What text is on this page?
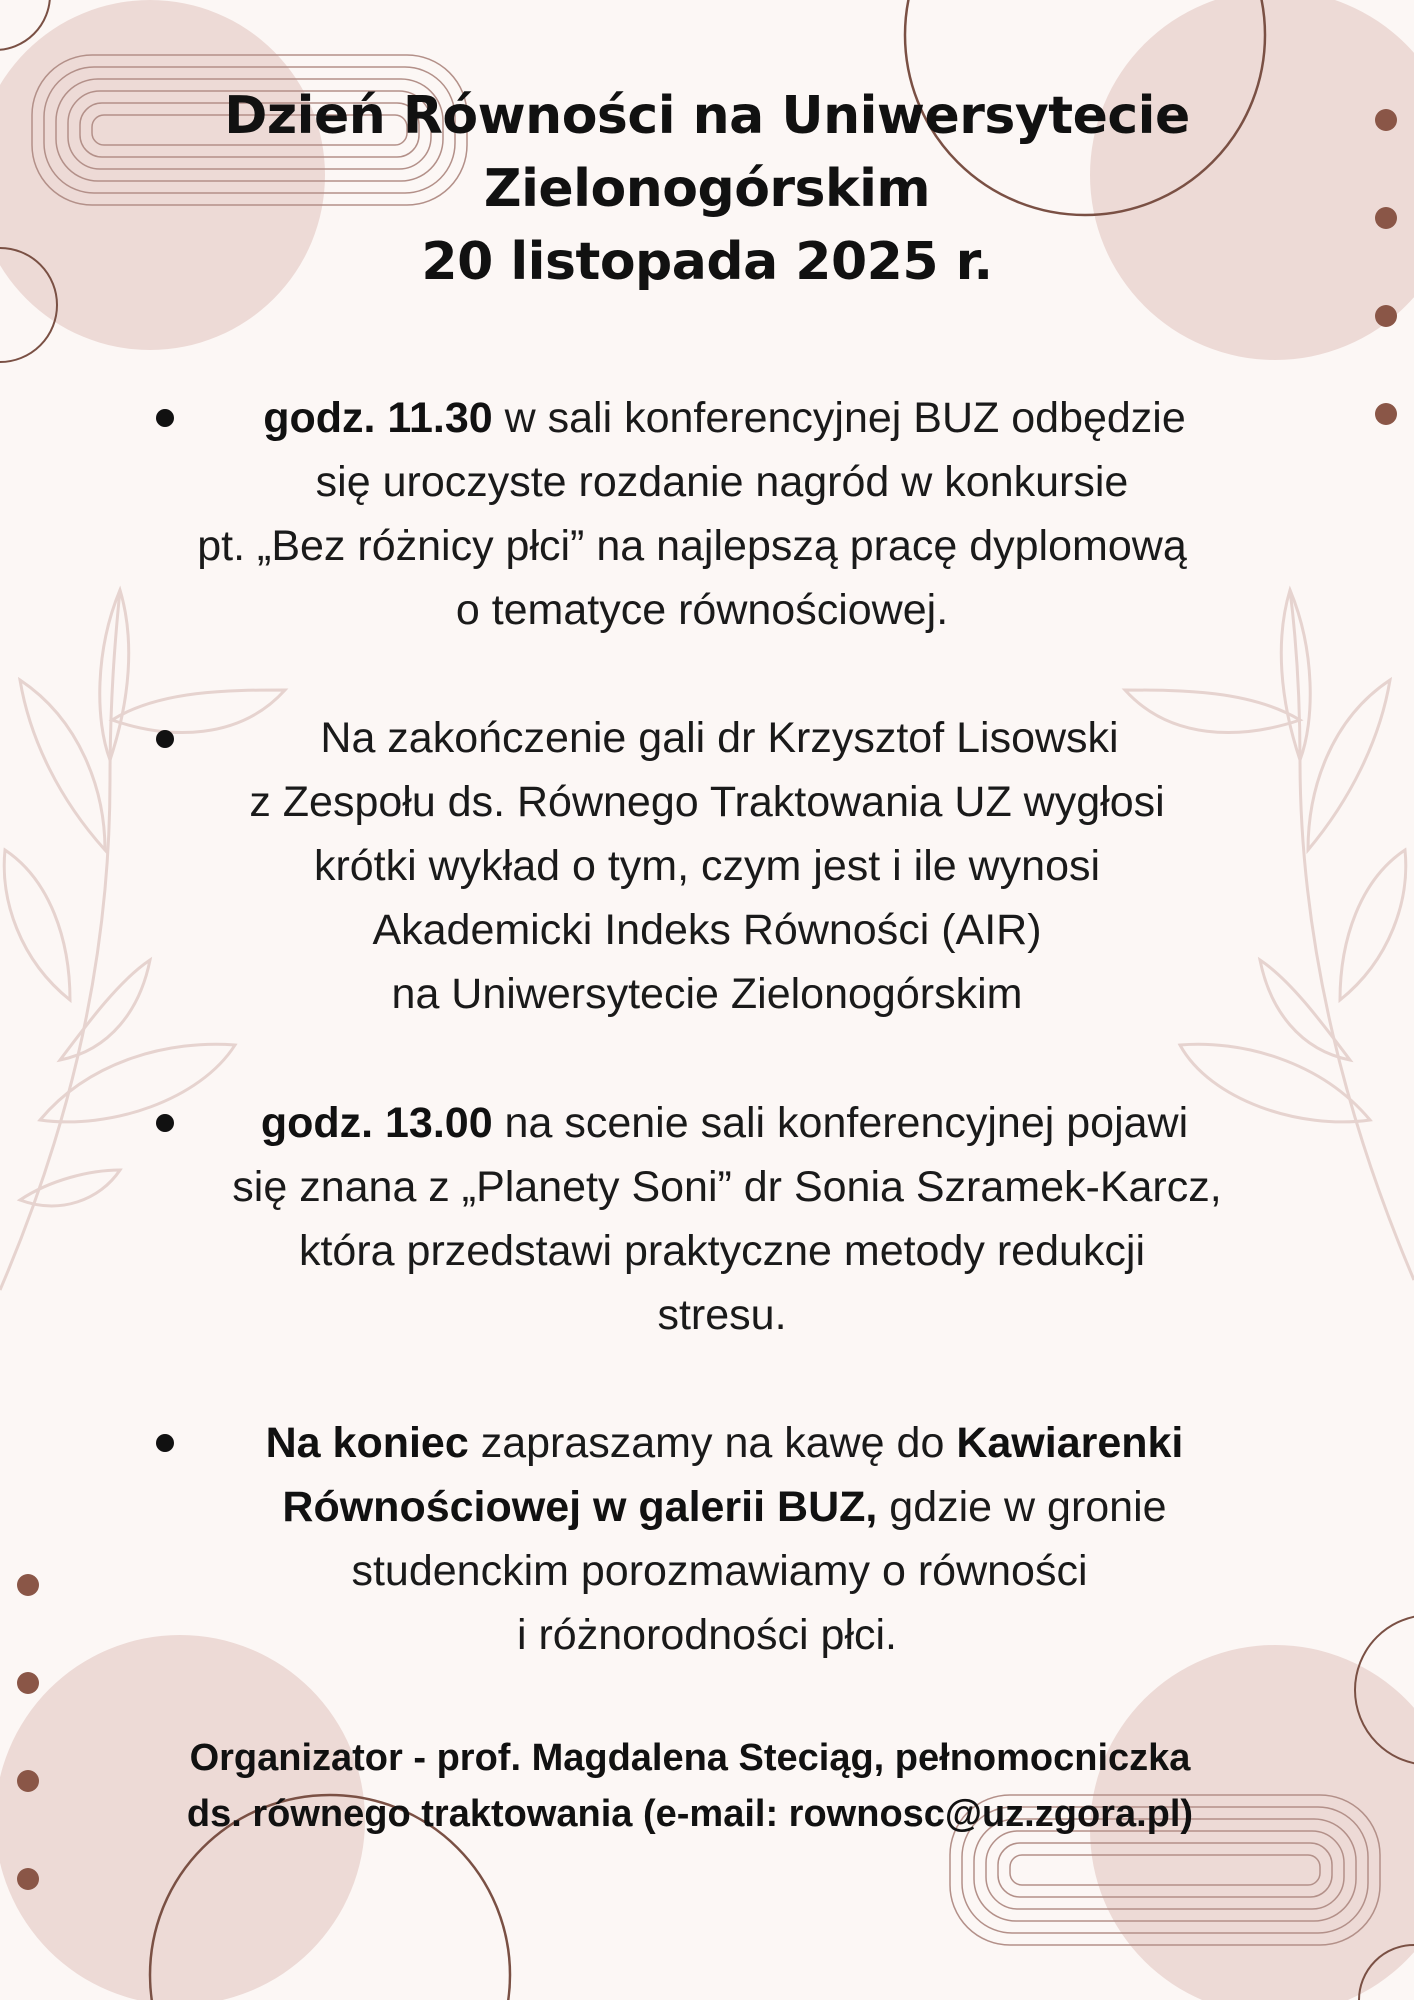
Dzień Równości na Uniwersytecie
Zielonogórskim
20 listopada 2025 r.
godz. 11.30 w sali konferencyjnej BUZ odbędzie
się uroczyste rozdanie nagród w konkursie
pt. „Bez różnicy płci” na najlepszą pracę dyplomową
o tematyce równościowej.
Na zakończenie gali dr Krzysztof Lisowski
z Zespołu ds. Równego Traktowania UZ wygłosi
krótki wykład o tym, czym jest i ile wynosi
Akademicki Indeks Równości (AIR)
na Uniwersytecie Zielonogórskim
godz. 13.00 na scenie sali konferencyjnej pojawi
się znana z „Planety Soni” dr Sonia Szramek-Karcz,
która przedstawi praktyczne metody redukcji
stresu.
Na koniec zapraszamy na kawę do Kawiarenki
Równościowej w galerii BUZ, gdzie w gronie
studenckim porozmawiamy o równości
i różnorodności płci.
Organizator - prof. Magdalena Steciąg, pełnomocniczka
ds. równego traktowania (e-mail: rownosc@uz.zgora.pl)
